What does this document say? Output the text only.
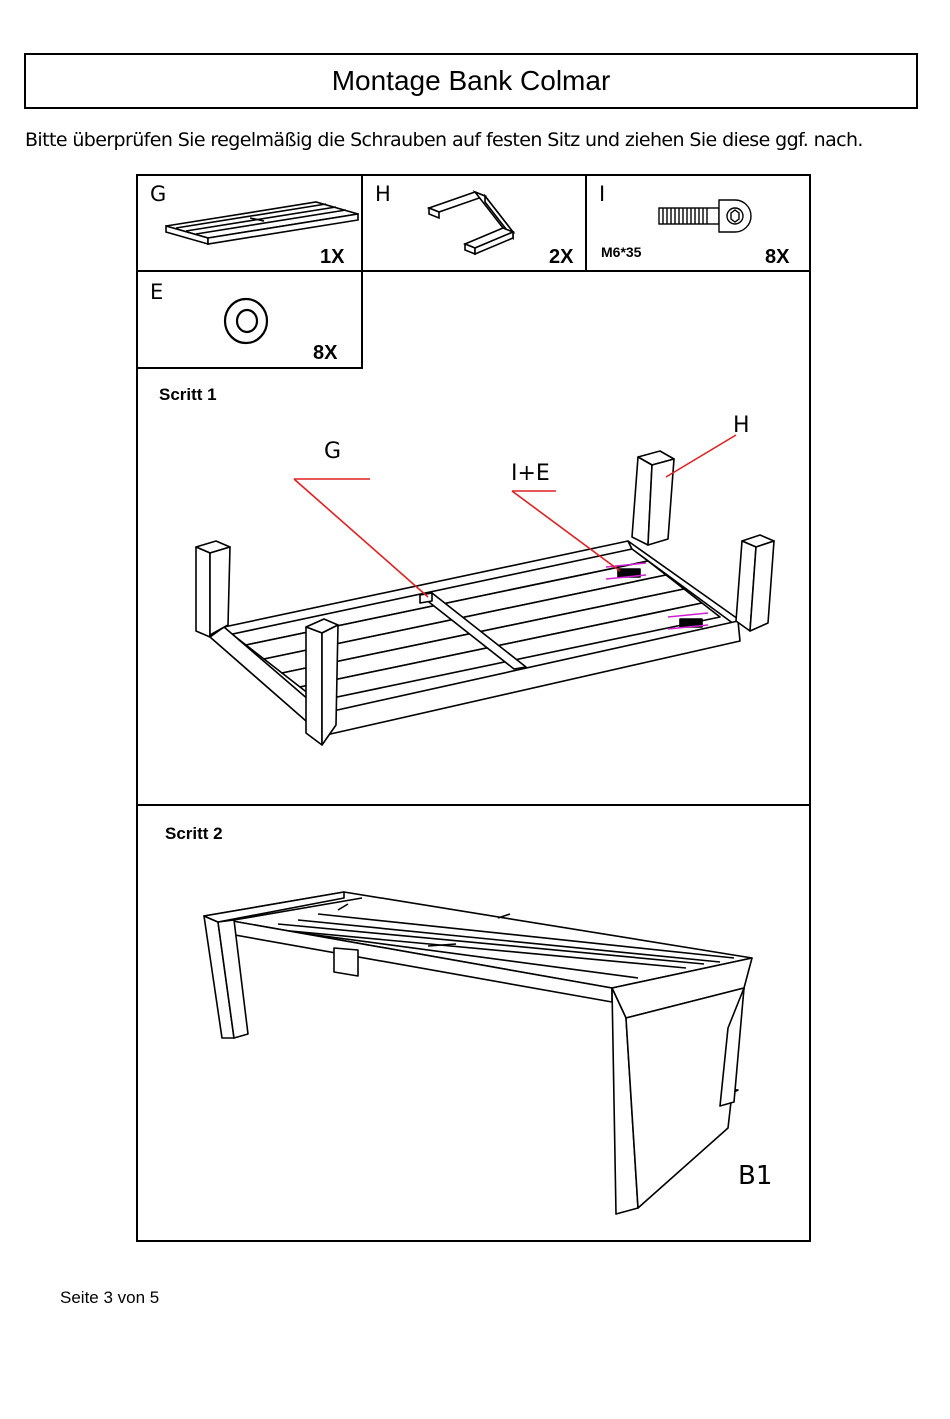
Montage Bank Colmar
Bitte überprüfen Sie regelmäßig die Schrauben auf festen Sitz und ziehen Sie diese ggf. nach.
G
1X
H
2X
I
M6*35	8X
E
8X
Scritt 1
G
I+E
H
Scritt 2
B1
Seite 3 von 5
